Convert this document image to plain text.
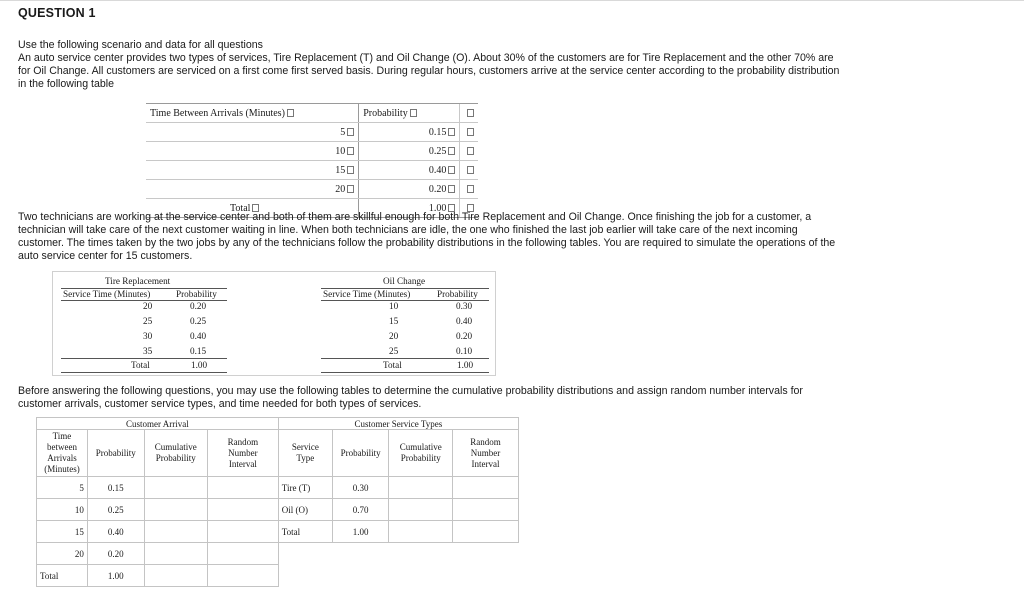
QUESTION 1
Use the following scenario and data for all questions
An auto service center provides two types of services, Tire Replacement (T) and Oil Change (O). About 30% of the customers are for Tire Replacement and the other 70% are
for Oil Change. All customers are serviced on a first come first served basis. During regular hours, customers arrive at the service center according to the probability distribution
in the following table
Time Between Arrivals (Minutes)	Probability	
5	0.15	
10	0.25	
15	0.40	
20	0.20	
Total	1.00	
Two technicians are working at the service center and both of them are skillful enough for both Tire Replacement and Oil Change. Once finishing the job for a customer, a
technician will take care of the next customer waiting in line. When both technicians are idle, the one who finished the last job earlier will take care of the next incoming
customer. The times taken by the two jobs by any of the technicians follow the probability distributions in the following tables. You are required to simulate the operations of the
auto service center for 15 customers.
Tire Replacement
Service Time (Minutes)	Probability
20	0.20
25	0.25
30	0.40
35	0.15
Total	1.00
Oil Change
Service Time (Minutes)	Probability
10	0.30
15	0.40
20	0.20
25	0.10
Total	1.00
Before answering the following questions, you may use the following tables to determine the cumulative probability distributions and assign random number intervals for
customer arrivals, customer service types, and time needed for both types of services.
Customer Arrival				Customer Service Types			
Time
between
Arrivals
(Minutes)	Probability	Cumulative
Probability	Random
Number
Interval	Service
Type	Probability	Cumulative
Probability	Random
Number
Interval
5	0.15			Tire (T)	0.30		
10	0.25			Oil (O)	0.70		
15	0.40			Total	1.00		
20	0.20						
Total	1.00						
